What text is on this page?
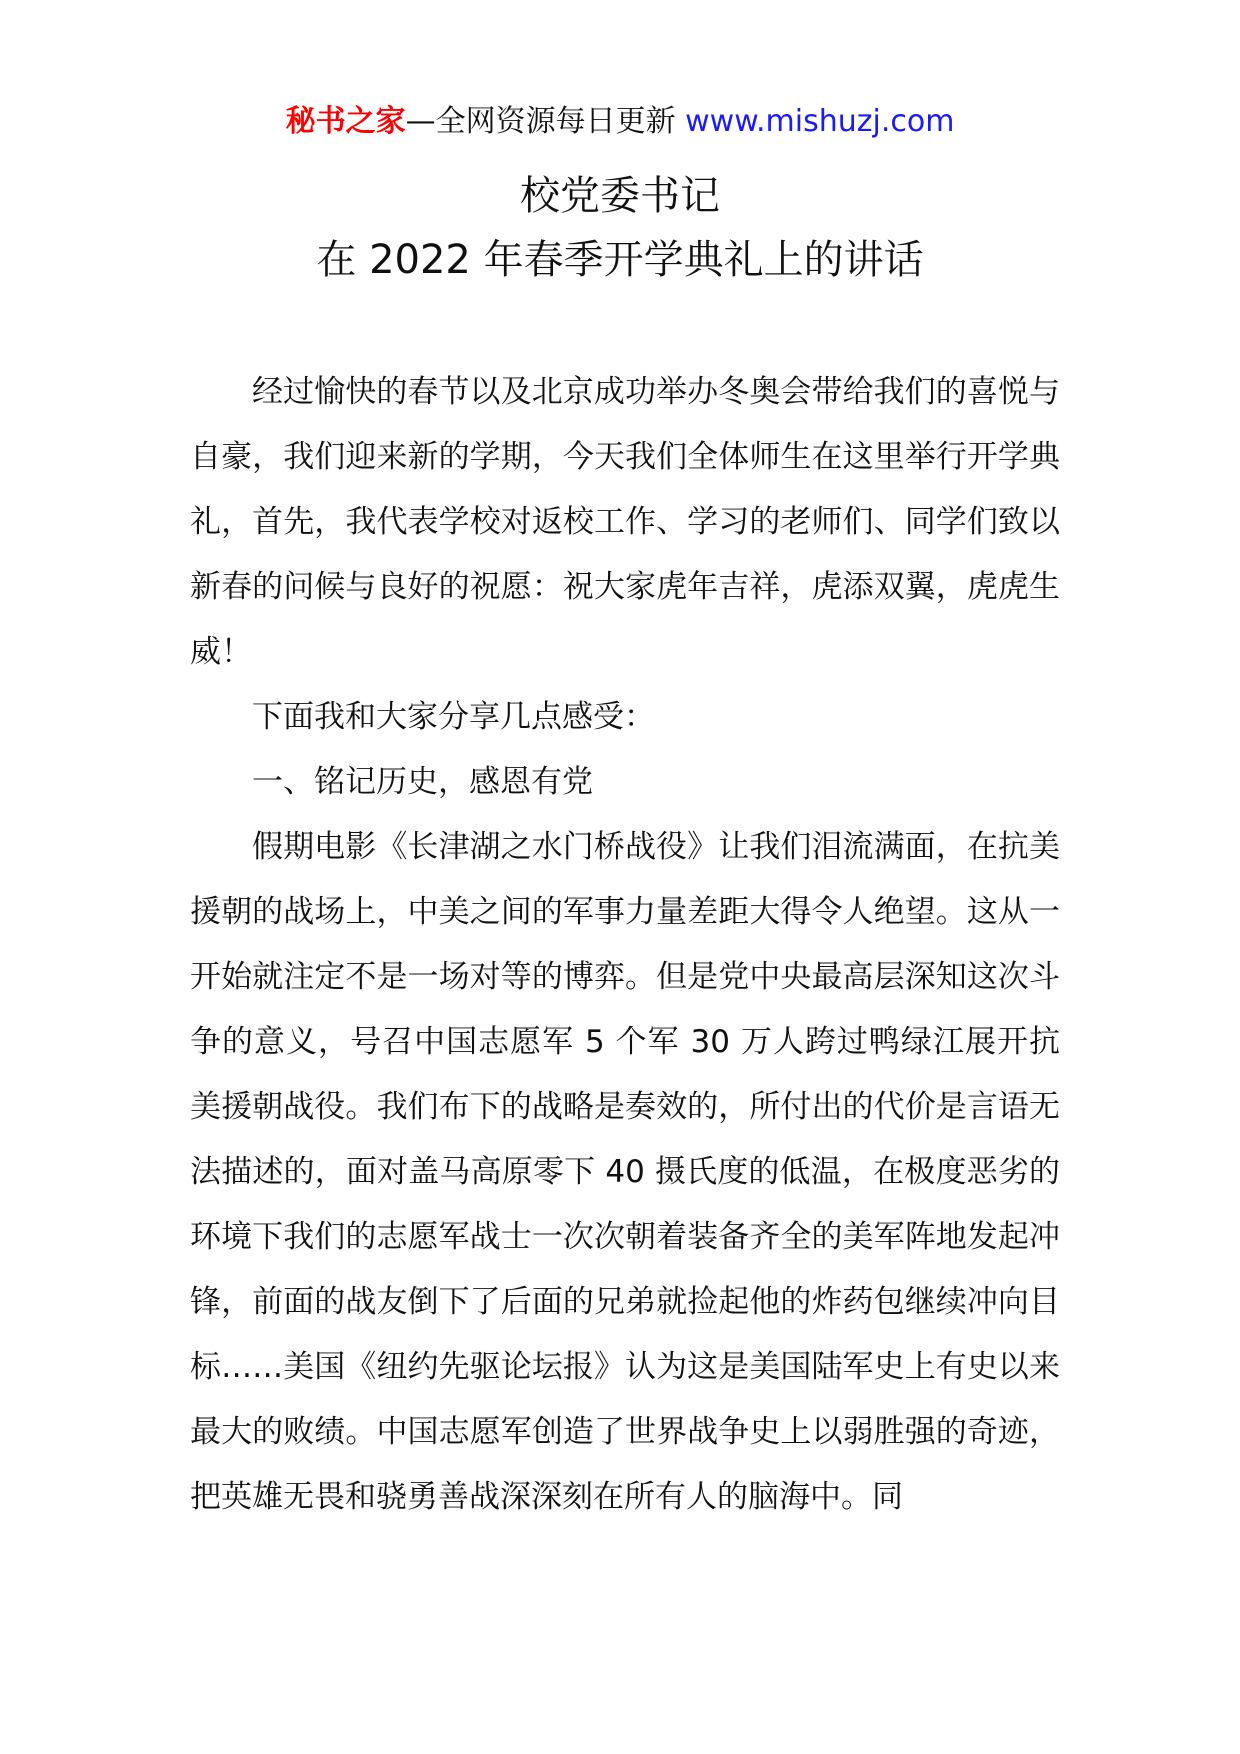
秘书之家—全网资源每日更新 www.mishuzj.com
校党委书记
在 2022 年春季开学典礼上的讲话

经过愉快的春节以及北京成功举办冬奥会带给我们的喜悦与自豪，我们迎来新的学期，今天我们全体师生在这里举行开学典礼，首先，我代表学校对返校工作、学习的老师们、同学们致以新春的问候与良好的祝愿：祝大家虎年吉祥，虎添双翼，虎虎生威！

下面我和大家分享几点感受：

一、铭记历史，感恩有党

假期电影《长津湖之水门桥战役》让我们泪流满面，在抗美援朝的战场上，中美之间的军事力量差距大得令人绝望。这从一开始就注定不是一场对等的博弈。但是党中央最高层深知这次斗争的意义，号召中国志愿军 5 个军 30 万人跨过鸭绿江展开抗美援朝战役。我们布下的战略是奏效的，所付出的代价是言语无法描述的，面对盖马高原零下 40 摄氏度的低温，在极度恶劣的环境下我们的志愿军战士一次次朝着装备齐全的美军阵地发起冲锋，前面的战友倒下了后面的兄弟就捡起他的炸药包继续冲向目标……美国《纽约先驱论坛报》认为这是美国陆军史上有史以来最大的败绩。中国志愿军创造了世界战争史上以弱胜强的奇迹，把英雄无畏和骁勇善战深深刻在所有人的脑海中。同
